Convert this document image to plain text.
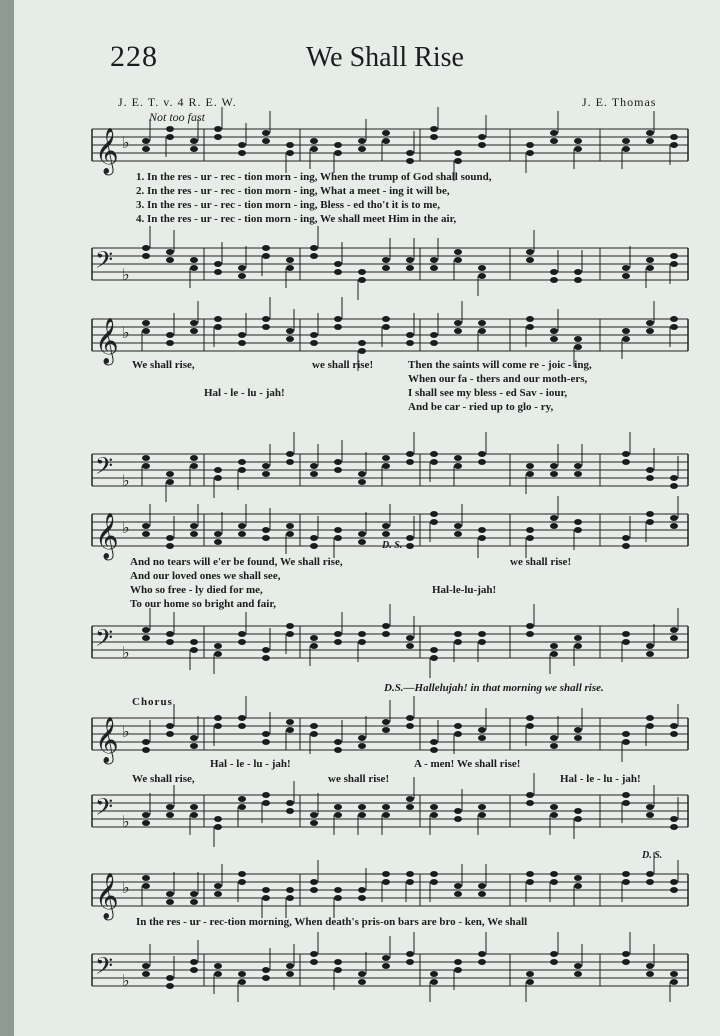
228	We Shall Rise
J. E. T. v. 4 R. E. W.	J. E. Thomas
Not too fast
𝄞 ♭
1. In the res - ur - rec - tion morn - ing, When the trump of God shall sound,
2. In the res - ur - rec - tion morn - ing, What a meet - ing it will be,
3. In the res - ur - rec - tion morn - ing, Bless - ed tho't it is to me,
4. In the res - ur - rec - tion morn - ing, We shall meet Him in the air,
𝄢 ♭
𝄞 ♭
We shall rise,	we shall rise!	Then the saints will come re - joic - ing,
When our fa - thers and our moth-ers,
Hal - le - lu - jah!	I shall see my bless - ed Sav - iour,
And be car - ried up to glo - ry,
𝄢 ♭
𝄞 ♭
D. S.
And no tears will e'er be found, We shall rise,	we shall rise!
And our loved ones we shall see,
Who so free - ly died for me,	Hal-le-lu-jah!
To our home so bright and fair,
𝄢 ♭
D.S.—Hallelujah! in that morning we shall rise.
Chorus
𝄞 ♭
Hal - le - lu - jah!	A - men! We shall rise!
We shall rise,	we shall rise!	Hal - le - lu - jah!
𝄢 ♭
D. S.
𝄞 ♭
In the res - ur - rec-tion morning, When death's pris-on bars are bro - ken, We shall
𝄢 ♭
